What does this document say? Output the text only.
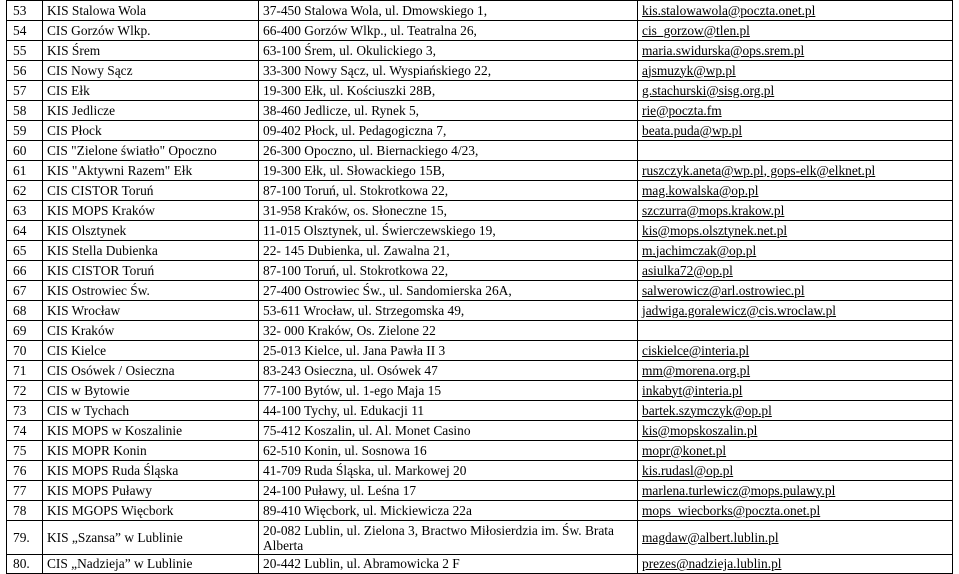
53	KIS Stalowa Wola	37-450 Stalowa Wola, ul. Dmowskiego 1,	kis.stalowawola@poczta.onet.pl
54	CIS Gorzów Wlkp.	66-400 Gorzów Wlkp., ul. Teatralna 26,	cis_gorzow@tlen.pl
55	KIS Śrem	63-100 Śrem, ul. Okulickiego 3,	maria.swidurska@ops.srem.pl
56	CIS Nowy Sącz	33-300 Nowy Sącz, ul. Wyspiańskiego 22,	ajsmuzyk@wp.pl
57	CIS Ełk	19-300 Ełk, ul. Kościuszki 28B,	g.stachurski@sisg.org.pl
58	KIS Jedlicze	38-460 Jedlicze, ul. Rynek 5,	rie@poczta.fm
59	CIS Płock	09-402 Płock, ul. Pedagogiczna 7,	beata.puda@wp.pl
60	CIS "Zielone światło" Opoczno	26-300 Opoczno, ul. Biernackiego 4/23,	
61	KIS "Aktywni Razem" Ełk	19-300 Ełk, ul. Słowackiego 15B,	ruszczyk.aneta@wp.pl, gops-elk@elknet.pl
62	CIS CISTOR Toruń	87-100 Toruń, ul. Stokrotkowa 22,	mag.kowalska@op.pl
63	KIS MOPS Kraków	31-958 Kraków, os. Słoneczne 15,	szczurra@mops.krakow.pl
64	KIS Olsztynek	11-015 Olsztynek, ul. Świerczewskiego 19,	kis@mops.olsztynek.net.pl
65	KIS Stella Dubienka	22- 145 Dubienka, ul. Zawalna 21,	m.jachimczak@op.pl
66	KIS CISTOR Toruń	87-100 Toruń, ul. Stokrotkowa 22,	asiulka72@op.pl
67	KIS Ostrowiec Św.	27-400 Ostrowiec Św., ul. Sandomierska 26A,	salwerowicz@arl.ostrowiec.pl
68	KIS Wrocław	53-611 Wrocław, ul. Strzegomska 49,	jadwiga.goralewicz@cis.wroclaw.pl
69	CIS Kraków	32- 000 Kraków, Os. Zielone 22	
70	CIS Kielce	25-013 Kielce, ul. Jana Pawła II 3	ciskielce@interia.pl
71	CIS Osówek / Osieczna	83-243 Osieczna, ul. Osówek 47	mm@morena.org.pl
72	CIS w Bytowie	77-100 Bytów, ul. 1-ego Maja 15	inkabyt@interia.pl
73	CIS w Tychach	44-100 Tychy, ul. Edukacji 11	bartek.szymczyk@op.pl
74	KIS MOPS w Koszalinie	75-412 Koszalin, ul. Al. Monet Casino	kis@mopskoszalin.pl
75	KIS MOPR Konin	62-510 Konin, ul. Sosnowa 16	mopr@konet.pl
76	KIS MOPS Ruda Śląska	41-709 Ruda Śląska, ul. Markowej 20	kis.rudasl@op.pl
77	KIS MOPS Puławy	24-100 Puławy, ul. Leśna 17	marlena.turlewicz@mops.pulawy.pl
78	KIS MGOPS Więcbork	89-410 Więcbork, ul. Mickiewicza 22a	mops_wiecborks@poczta.onet.pl
79.	KIS „Szansa” w Lublinie	20-082 Lublin, ul. Zielona 3, Bractwo Miłosierdzia im. Św. Brata Alberta	magdaw@albert.lublin.pl
80.	CIS „Nadzieja” w Lublinie	20-442 Lublin, ul. Abramowicka 2 F	prezes@nadzieja.lublin.pl
